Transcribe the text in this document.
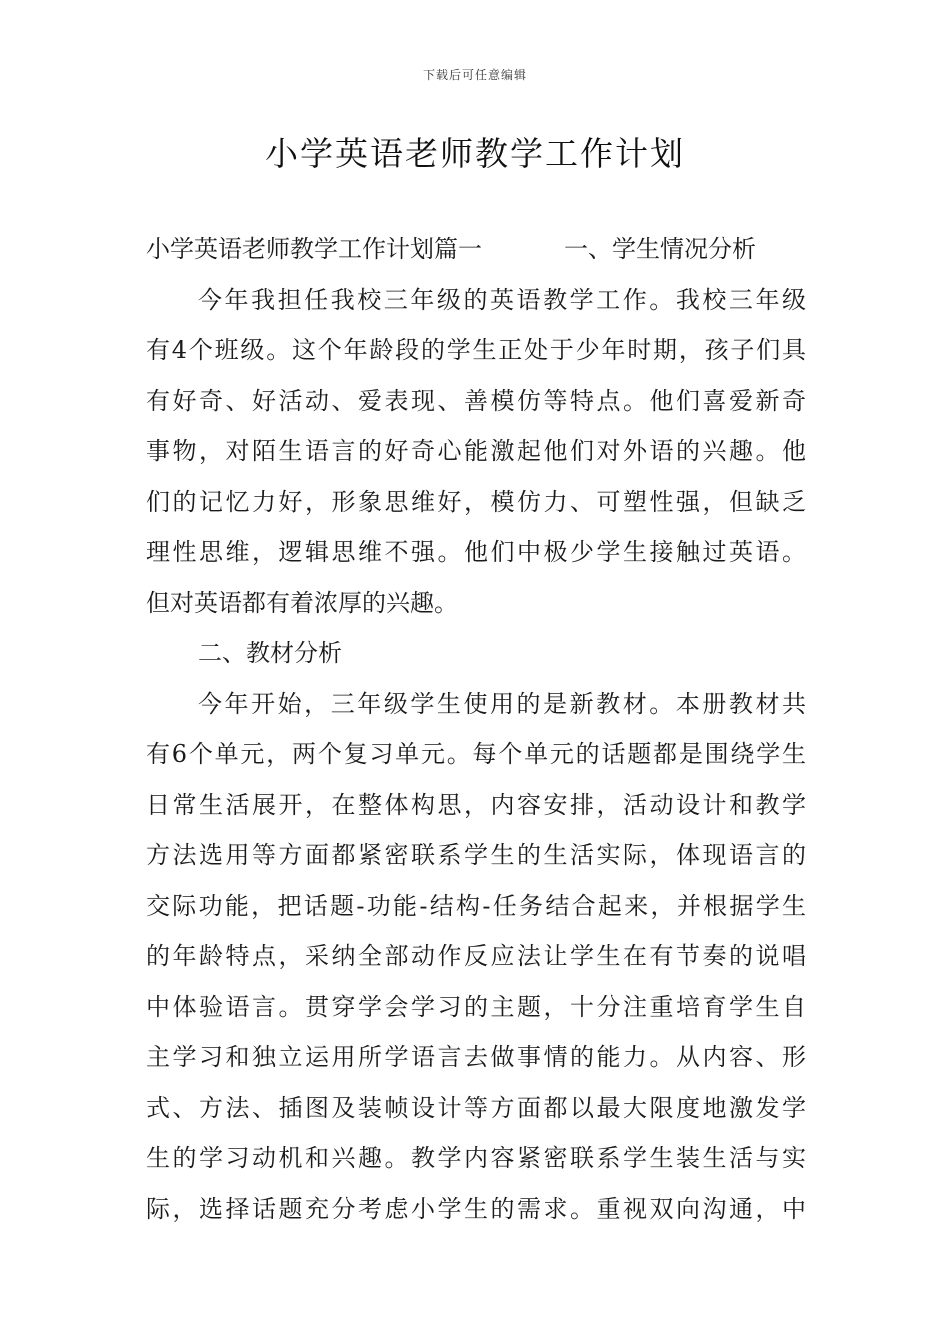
下载后可任意编辑
小学英语老师教学工作计划
小学英语老师教学工作计划篇一	一、学生情况分析
今年我担任我校三年级的英语教学工作。我校三年级
有4个班级。这个年龄段的学生正处于少年时期，孩子们具
有好奇、好活动、爱表现、善模仿等特点。他们喜爱新奇
事物，对陌生语言的好奇心能激起他们对外语的兴趣。他
们的记忆力好，形象思维好，模仿力、可塑性强，但缺乏
理性思维，逻辑思维不强。他们中极少学生接触过英语。
但对英语都有着浓厚的兴趣。
二、教材分析
今年开始，三年级学生使用的是新教材。本册教材共
有6个单元，两个复习单元。每个单元的话题都是围绕学生
日常生活展开，在整体构思，内容安排，活动设计和教学
方法选用等方面都紧密联系学生的生活实际，体现语言的
交际功能，把话题-功能-结构-任务结合起来，并根据学生
的年龄特点，采纳全部动作反应法让学生在有节奏的说唱
中体验语言。贯穿学会学习的主题，十分注重培育学生自
主学习和独立运用所学语言去做事情的能力。从内容、形
式、方法、插图及装帧设计等方面都以最大限度地激发学
生的学习动机和兴趣。教学内容紧密联系学生装生活与实
际，选择话题充分考虑小学生的需求。重视双向沟通，中
